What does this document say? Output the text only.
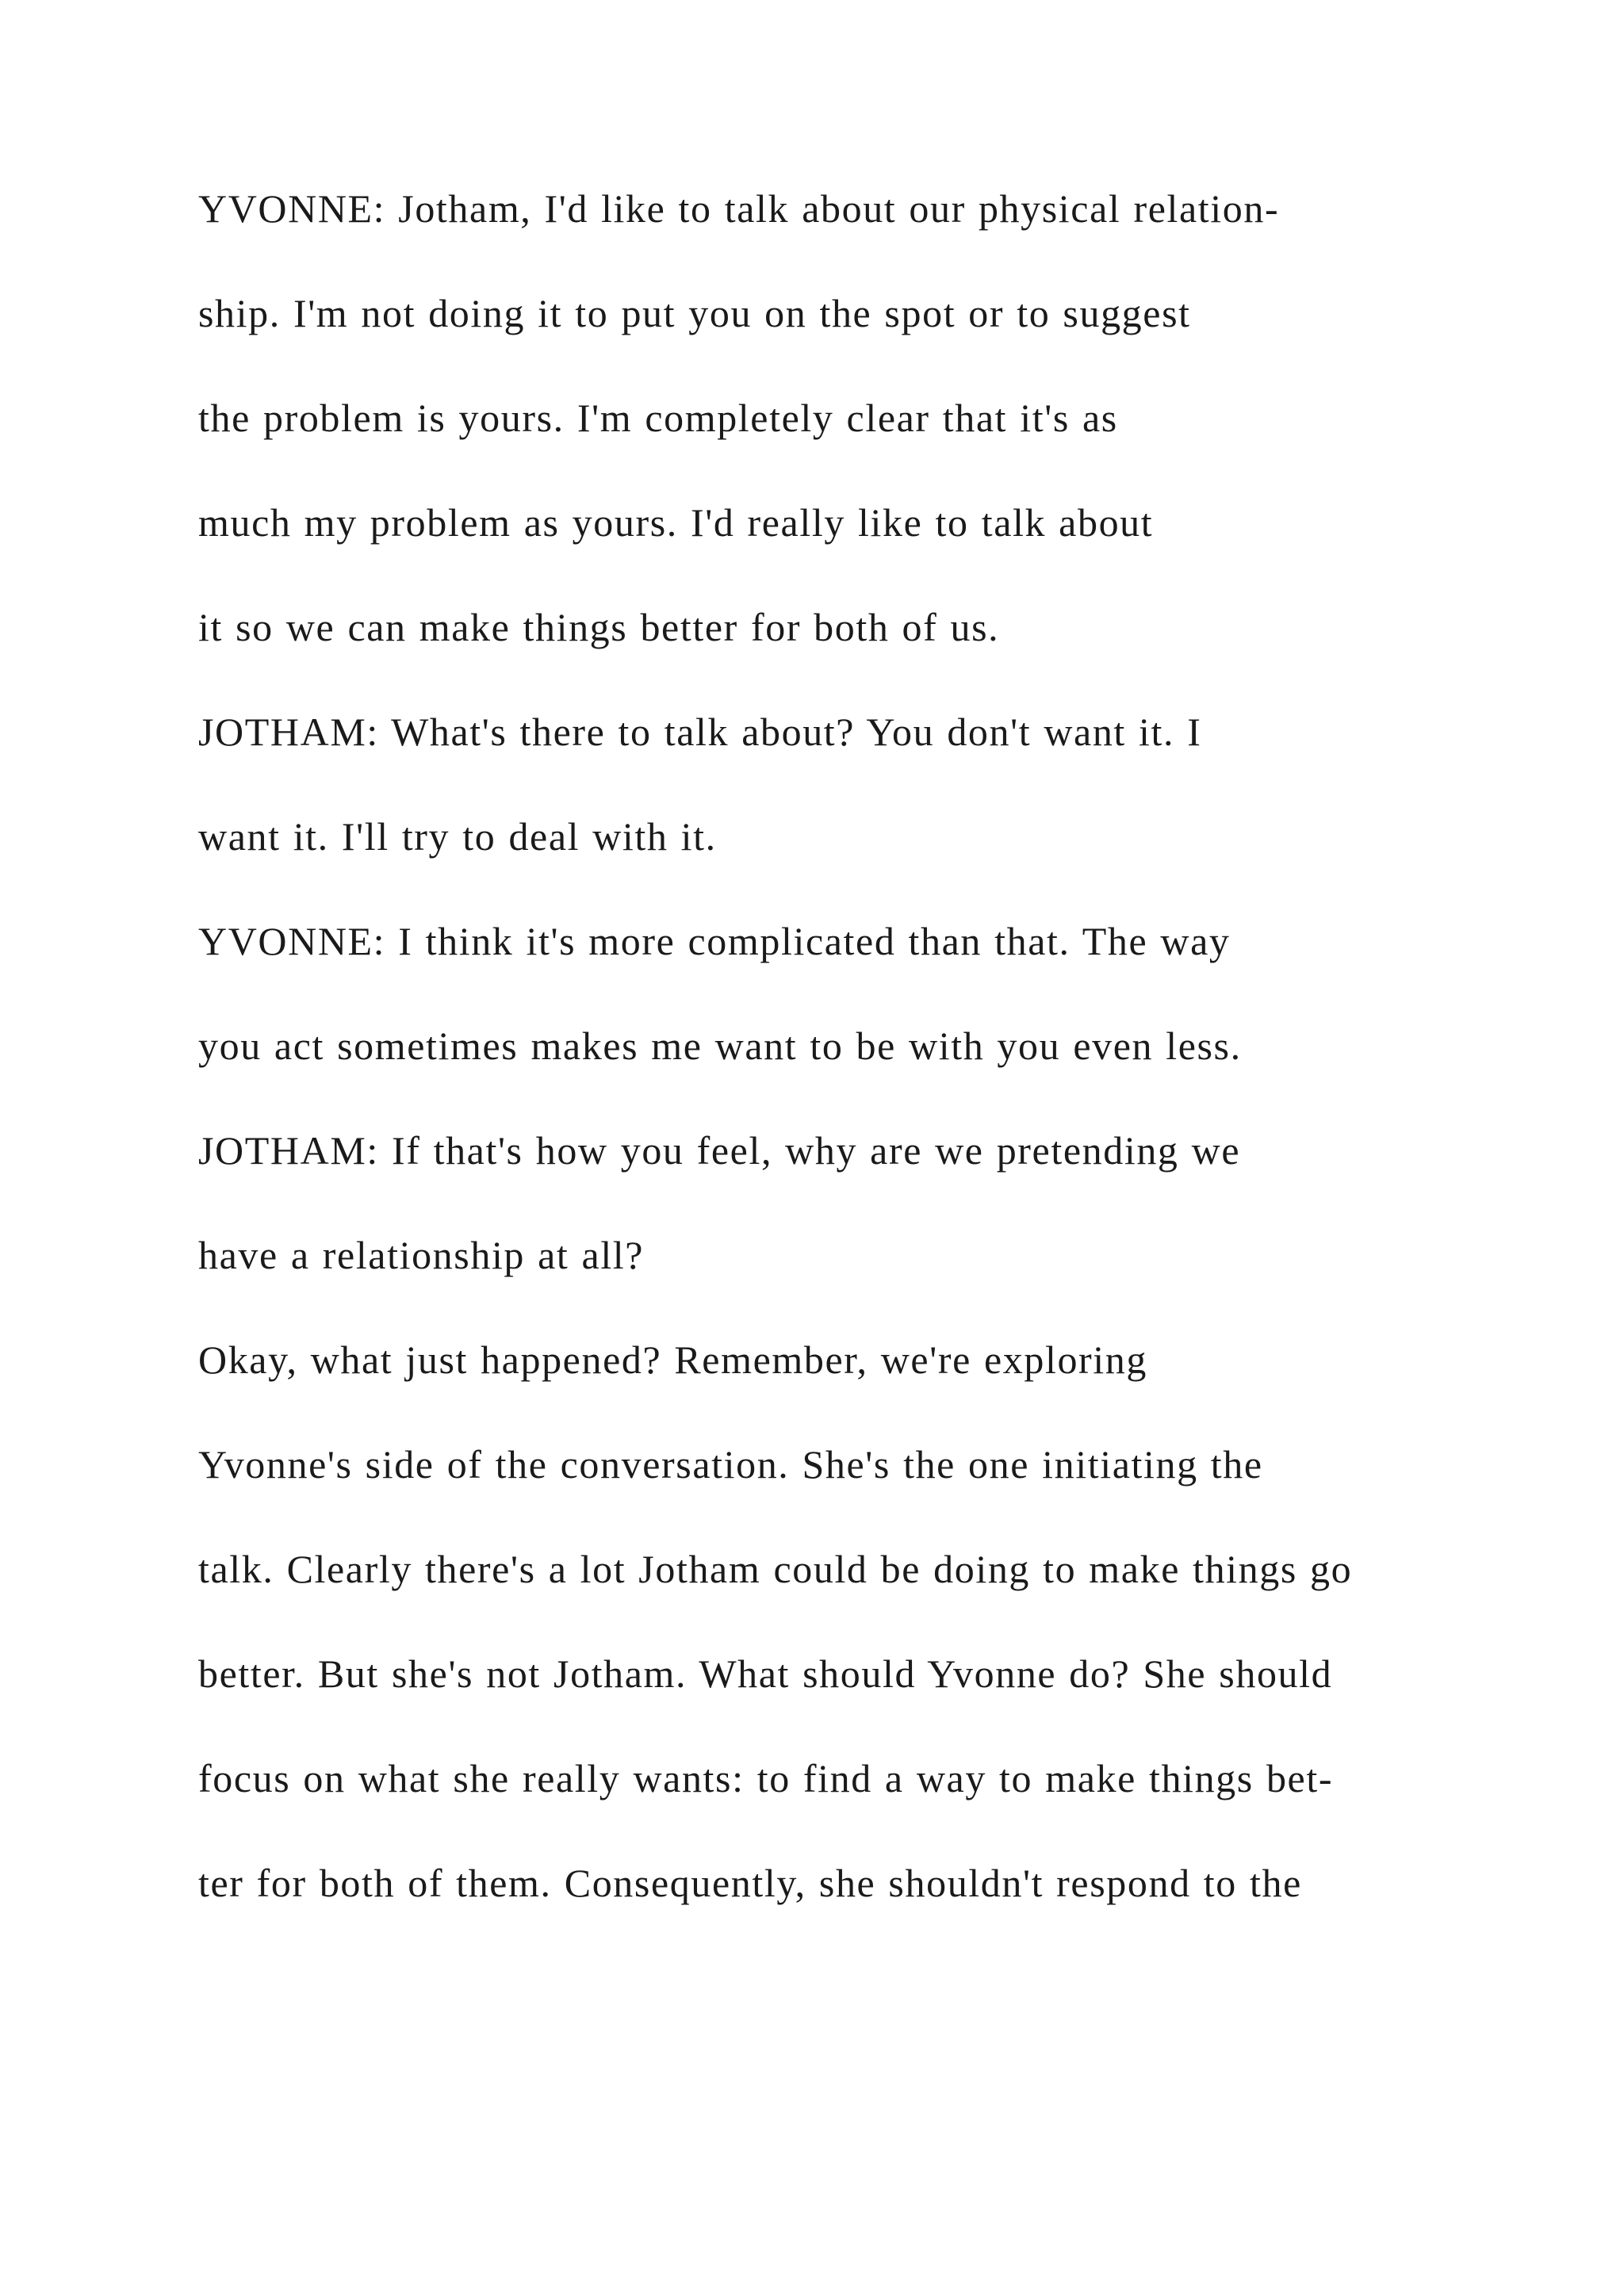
YVONNE: Jotham, I'd like to talk about our physical relation-
ship. I'm not doing it to put you on the spot or to suggest
the problem is yours. I'm completely clear that it's as
much my problem as yours. I'd really like to talk about
it so we can make things better for both of us.
JOTHAM: What's there to talk about? You don't want it. I
want it. I'll try to deal with it.
YVONNE: I think it's more complicated than that. The way
you act sometimes makes me want to be with you even less.
JOTHAM: If that's how you feel, why are we pretending we
have a relationship at all?
Okay, what just happened? Remember, we're exploring
Yvonne's side of the conversation. She's the one initiating the
talk. Clearly there's a lot Jotham could be doing to make things go
better. But she's not Jotham. What should Yvonne do? She should
focus on what she really wants: to find a way to make things bet-
ter for both of them. Consequently, she shouldn't respond to the
